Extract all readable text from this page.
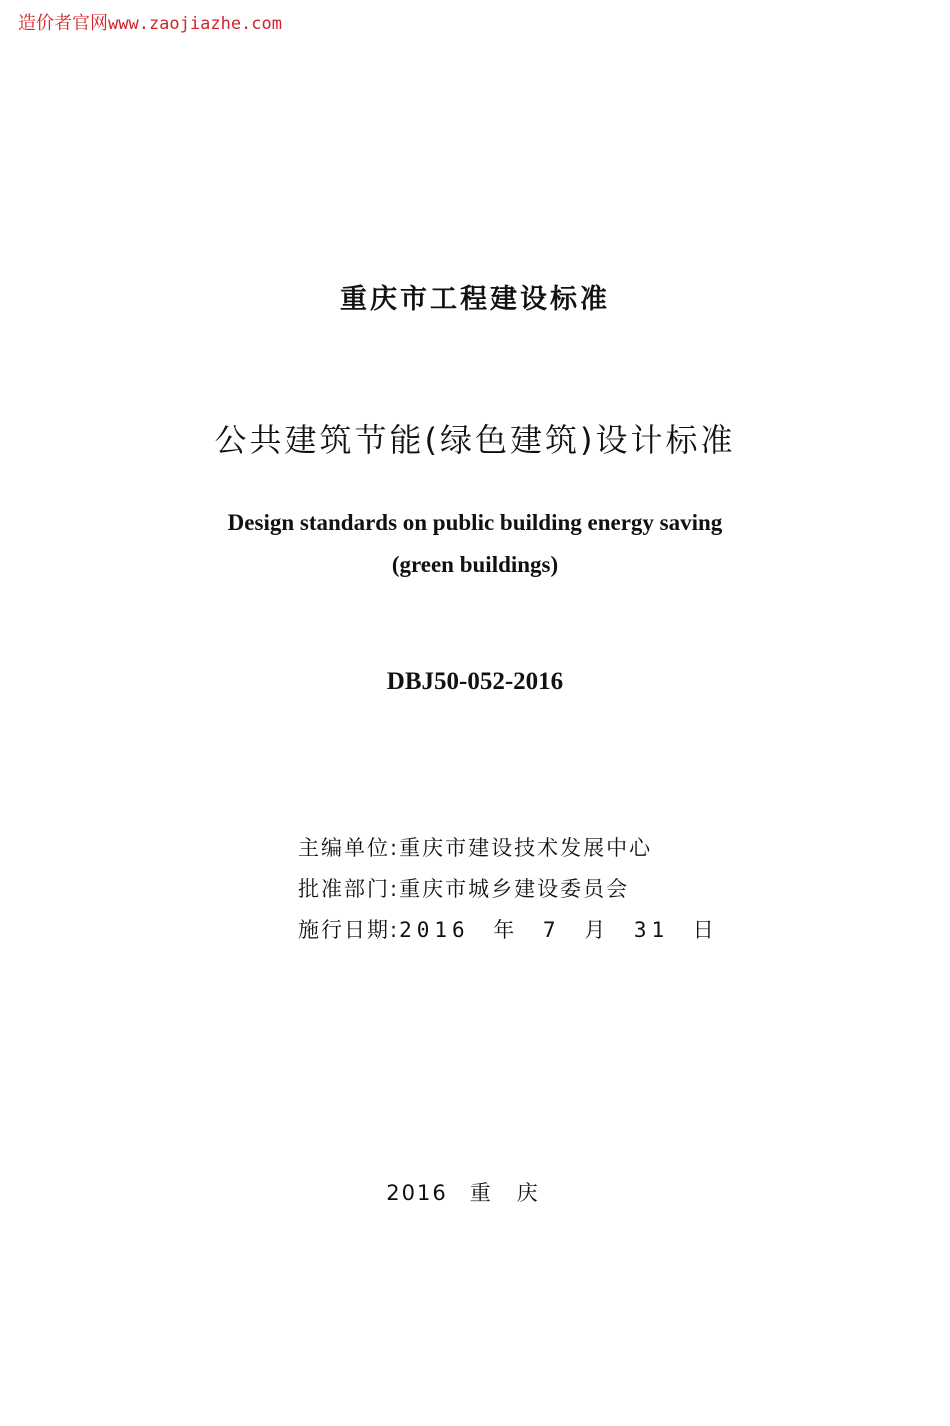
造价者官网www.zaojiazhe.com
重庆市工程建设标准
公共建筑节能(绿色建筑)设计标准
Design standards on public building energy saving
(green buildings)
DBJ50-052-2016
主编单位:重庆市建设技术发展中心
批准部门:重庆市城乡建设委员会
施行日期:2016 年 7 月 31 日
2016 重庆
